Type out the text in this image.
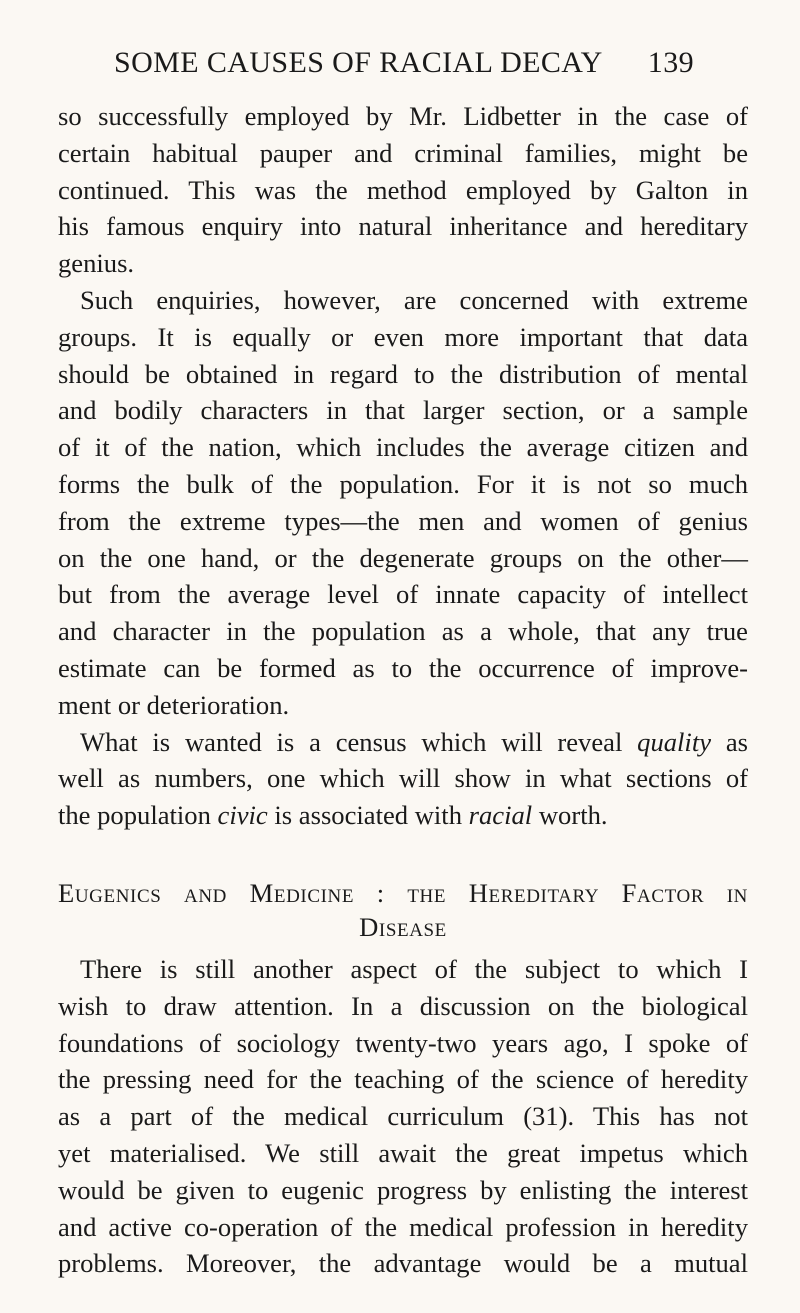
SOME CAUSES OF RACIAL DECAY 139
so successfully employed by Mr. Lidbetter in the case of
certain habitual pauper and criminal families, might be
continued. This was the method employed by Galton in
his famous enquiry into natural inheritance and hereditary
genius.
Such enquiries, however, are concerned with extreme
groups. It is equally or even more important that data
should be obtained in regard to the distribution of mental
and bodily characters in that larger section, or a sample
of it of the nation, which includes the average citizen and
forms the bulk of the population. For it is not so much
from the extreme types—the men and women of genius
on the one hand, or the degenerate groups on the other—
but from the average level of innate capacity of intellect
and character in the population as a whole, that any true
estimate can be formed as to the occurrence of improve-
ment or deterioration.
What is wanted is a census which will reveal quality as
well as numbers, one which will show in what sections of
the population civic is associated with racial worth.
Eugenics and Medicine : the Hereditary Factor in
Disease
There is still another aspect of the subject to which I
wish to draw attention. In a discussion on the biological
foundations of sociology twenty-two years ago, I spoke of
the pressing need for the teaching of the science of heredity
as a part of the medical curriculum (31). This has not
yet materialised. We still await the great impetus which
would be given to eugenic progress by enlisting the interest
and active co-operation of the medical profession in heredity
problems. Moreover, the advantage would be a mutual
